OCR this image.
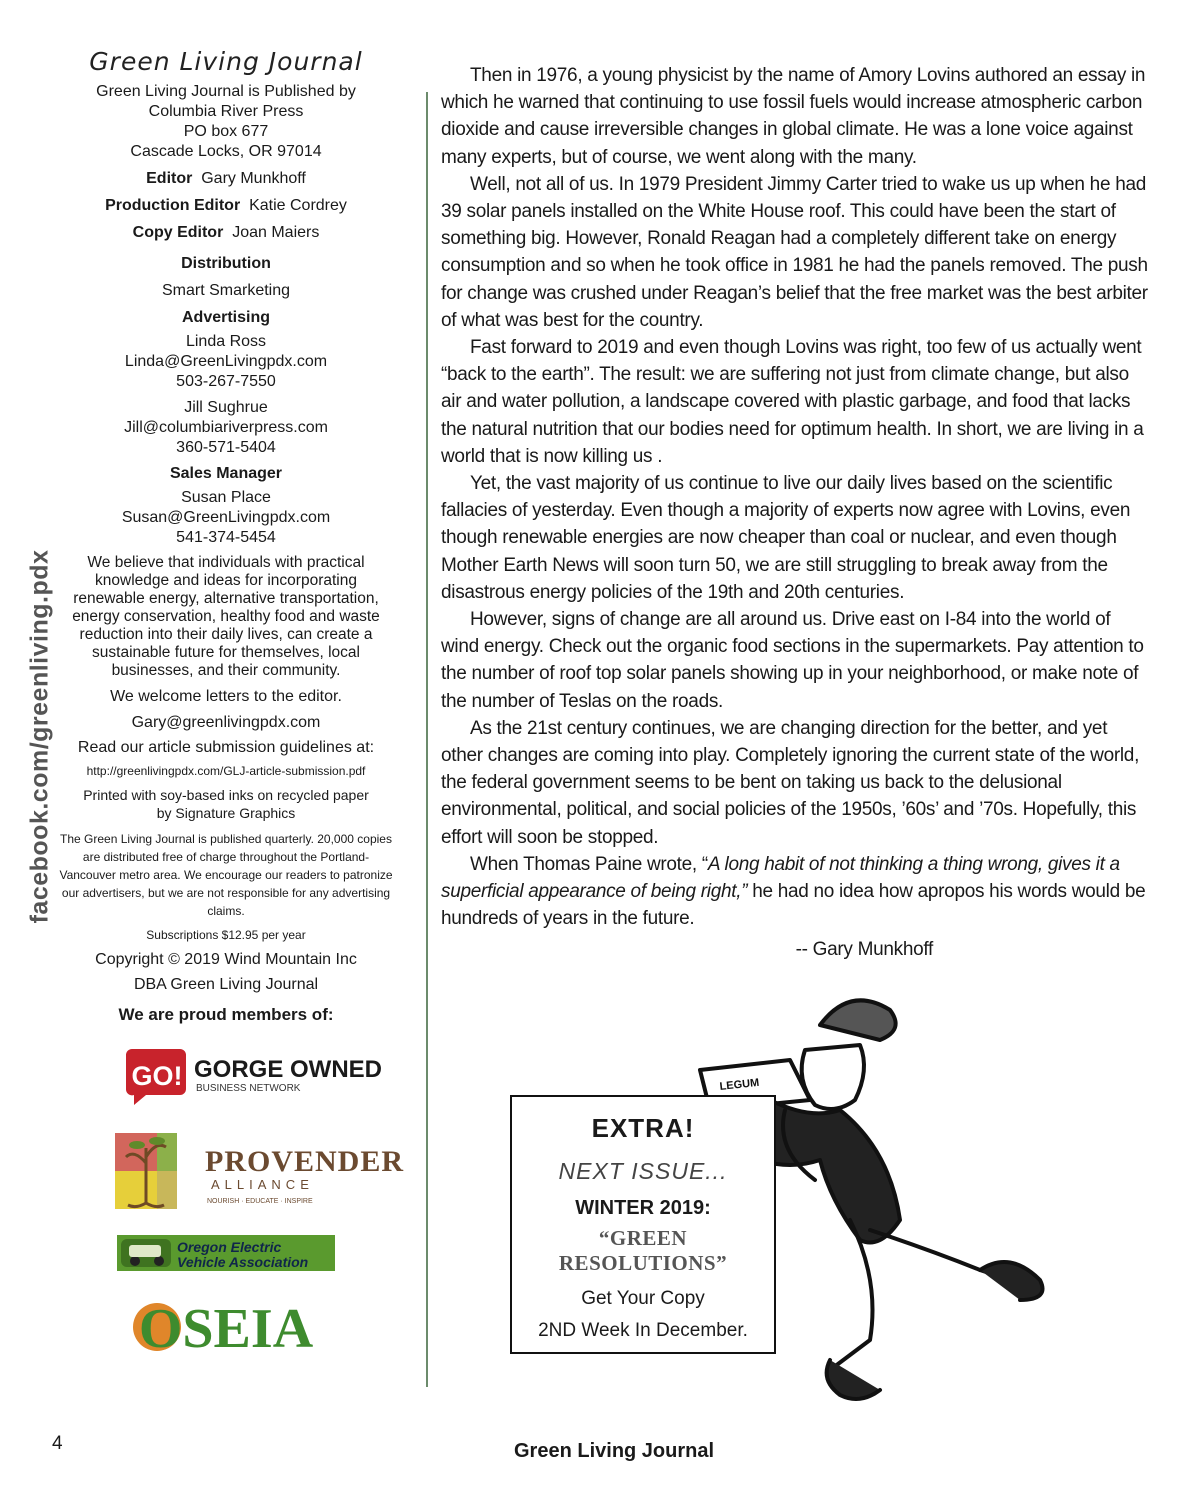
facebook.com/greenliving.pdx
Green Living Journal
Green Living Journal is Published by
Columbia River Press
PO box 677
Cascade Locks, OR 97014
Editor Gary Munkhoff
Production Editor Katie Cordrey
Copy Editor Joan Maiers
Distribution
Smart Smarketing
Advertising
Linda Ross
Linda@GreenLivingpdx.com
503-267-7550
Jill Sughrue
Jill@columbiariverpress.com
360-571-5404
Sales Manager
Susan Place
Susan@GreenLivingpdx.com
541-374-5454
We believe that individuals with practical knowledge and ideas for incorporating renewable energy, alternative transportation, energy conservation, healthy food and waste reduction into their daily lives, can create a sustainable future for themselves, local businesses, and their community.
We welcome letters to the editor.
Gary@greenlivingpdx.com
Read our article submission guidelines at:
http://greenlivingpdx.com/GLJ-article-submission.pdf
Printed with soy-based inks on recycled paper
by Signature Graphics
The Green Living Journal is published quarterly. 20,000 copies are distributed free of charge throughout the Portland-Vancouver metro area. We encourage our readers to patronize our advertisers, but we are not responsible for any advertising claims.
Subscriptions $12.95 per year
Copyright © 2019 Wind Mountain Inc
DBA Green Living Journal
We are proud members of:
GO! GORGE OWNED
BUSINESS NETWORK
PROVENDER
ALLIANCE
NOURISH · EDUCATE · INSPIRE
Oregon Electric
Vehicle Association
OSEIA

Then in 1976, a young physicist by the name of Amory Lovins authored an essay in which he warned that continuing to use fossil fuels would increase atmospheric carbon dioxide and cause irreversible changes in global climate. He was a lone voice against many experts, but of course, we went along with the many.

Well, not all of us. In 1979 President Jimmy Carter tried to wake us up when he had 39 solar panels installed on the White House roof. This could have been the start of something big. However, Ronald Reagan had a completely different take on energy consumption and so when he took office in 1981 he had the panels removed. The push for change was crushed under Reagan’s belief that the free market was the best arbiter of what was best for the country.

Fast forward to 2019 and even though Lovins was right, too few of us actually went “back to the earth”. The result: we are suffering not just from climate change, but also air and water pollution, a landscape covered with plastic garbage, and food that lacks the natural nutrition that our bodies need for optimum health. In short, we are living in a world that is now killing us .

Yet, the vast majority of us continue to live our daily lives based on the scientific fallacies of yesterday. Even though a majority of experts now agree with Lovins, even though renewable energies are now cheaper than coal or nuclear, and even though Mother Earth News will soon turn 50, we are still struggling to break away from the disastrous energy policies of the 19th and 20th centuries.

However, signs of change are all around us. Drive east on I-84 into the world of wind energy. Check out the organic food sections in the supermarkets. Pay attention to the number of roof top solar panels showing up in your neighborhood, or make note of the number of Teslas on the roads.

As the 21st century continues, we are changing direction for the better, and yet other changes are coming into play. Completely ignoring the current state of the world, the federal government seems to be bent on taking us back to the delusional environmental, political, and social policies of the 1950s, ’60s’ and ’70s. Hopefully, this effort will soon be stopped.

When Thomas Paine wrote, “A long habit of not thinking a thing wrong, gives it a superficial appearance of being right,” he had no idea how apropos his words would be hundreds of years in the future.

-- Gary Munkhoff
LEGUM
EXTRA!
NEXT ISSUE...
WINTER 2019:
“GREEN RESOLUTIONS”
Get Your Copy
2ND Week In December.
4	Green Living Journal
